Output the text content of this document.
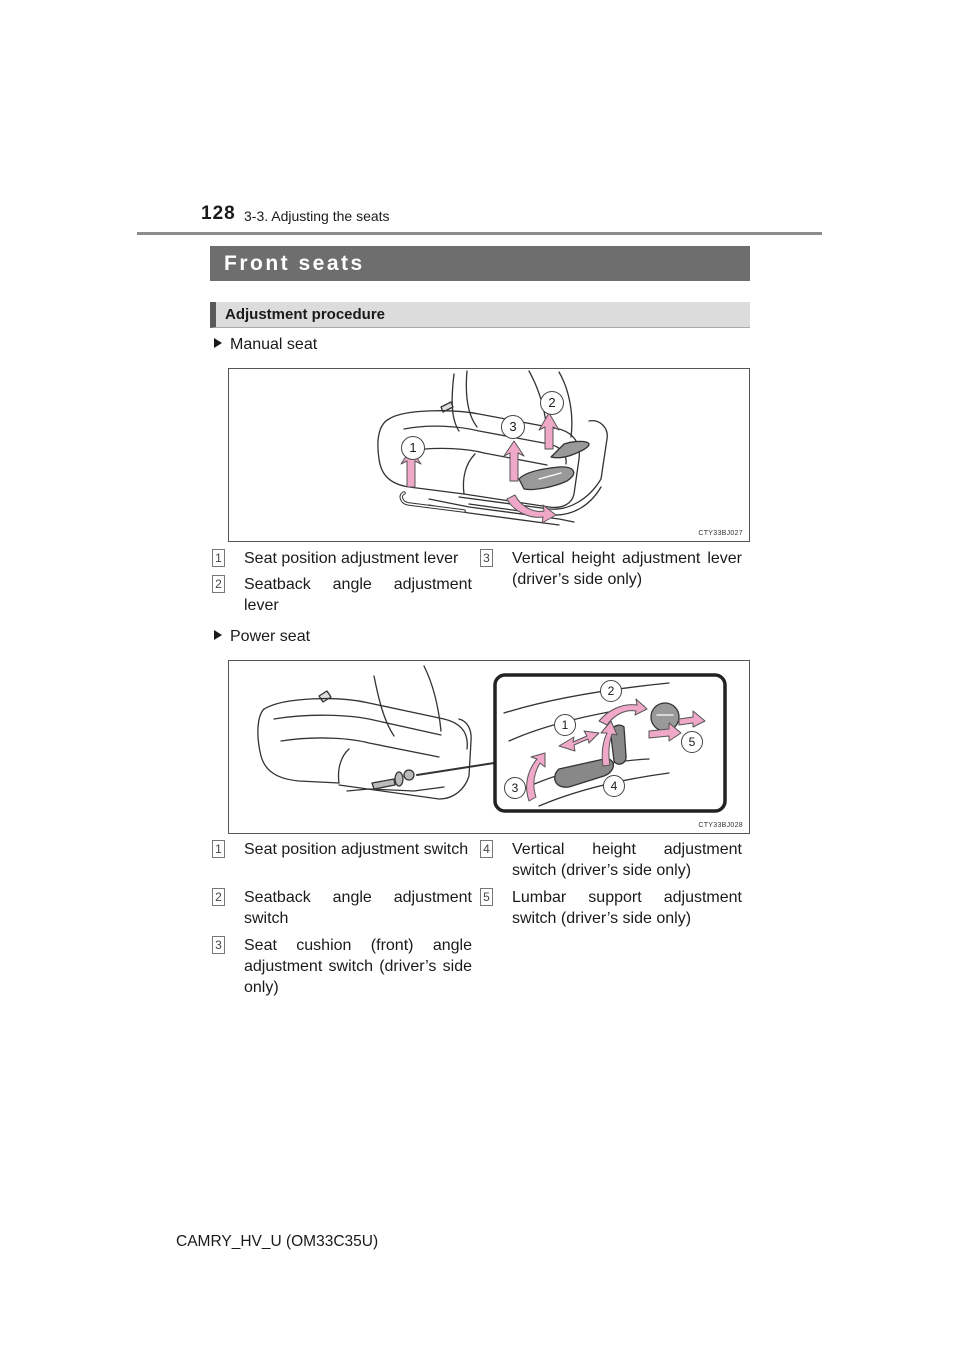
128 3-3. Adjusting the seats
Front seats
Adjustment procedure
Manual seat
1
2
3
CTY33BJ027
1 Seat position adjustment lever
2 Seatback angle adjustment lever
3 Vertical height adjustment lever (driver’s side only)
Power seat
1
2
3	4
5
CTY33BJ028
1 Seat position adjustment switch
2 Seatback angle adjustment switch
3 Seat cushion (front) angle adjustment switch (driver’s side only)
4 Vertical height adjustment switch (driver’s side only)
5 Lumbar support adjustment switch (driver’s side only)
CAMRY_HV_U (OM33C35U)
